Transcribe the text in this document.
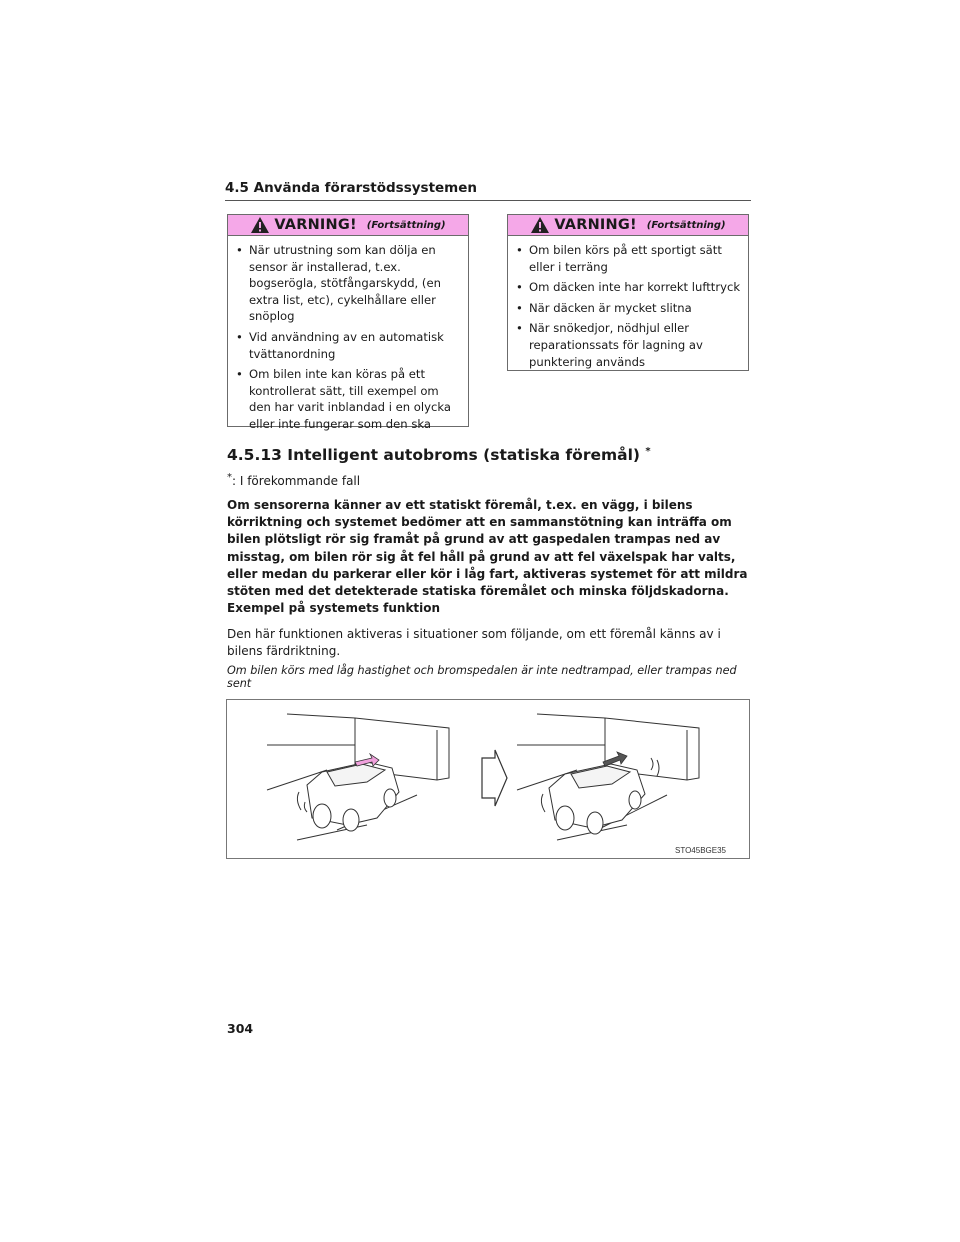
4.5 Använda förarstödssystemen
VARNING! (Fortsättning)
• När utrustning som kan dölja en sensor är installerad, t.ex. bogserögla, stötfångarskydd, (en extra list, etc), cykelhållare eller snöplog
• Vid användning av en automatisk tvättanordning
• Om bilen inte kan köras på ett kontrollerat sätt, till exempel om den har varit inblandad i en olycka eller inte fungerar som den ska
VARNING! (Fortsättning)
• Om bilen körs på ett sportigt sätt eller i terräng
• Om däcken inte har korrekt lufttryck
• När däcken är mycket slitna
• När snökedjor, nödhjul eller reparationssats för lagning av punktering används
4.5.13 Intelligent autobroms (statiska föremål) *
*: I förekommande fall
Om sensorerna känner av ett statiskt föremål, t.ex. en vägg, i bilens körriktning och systemet bedömer att en sammanstötning kan inträffa om bilen plötsligt rör sig framåt på grund av att gaspedalen trampas ned av misstag, om bilen rör sig åt fel håll på grund av att fel växelspak har valts, eller medan du parkerar eller kör i låg fart, aktiveras systemet för att mildra stöten med det detekterade statiska föremålet och minska följdskadorna.
Exempel på systemets funktion
Den här funktionen aktiveras i situationer som följande, om ett föremål känns av i bilens färdriktning.
Om bilen körs med låg hastighet och bromspedalen är inte nedtrampad, eller trampas ned sent
STO45BGE35
304
